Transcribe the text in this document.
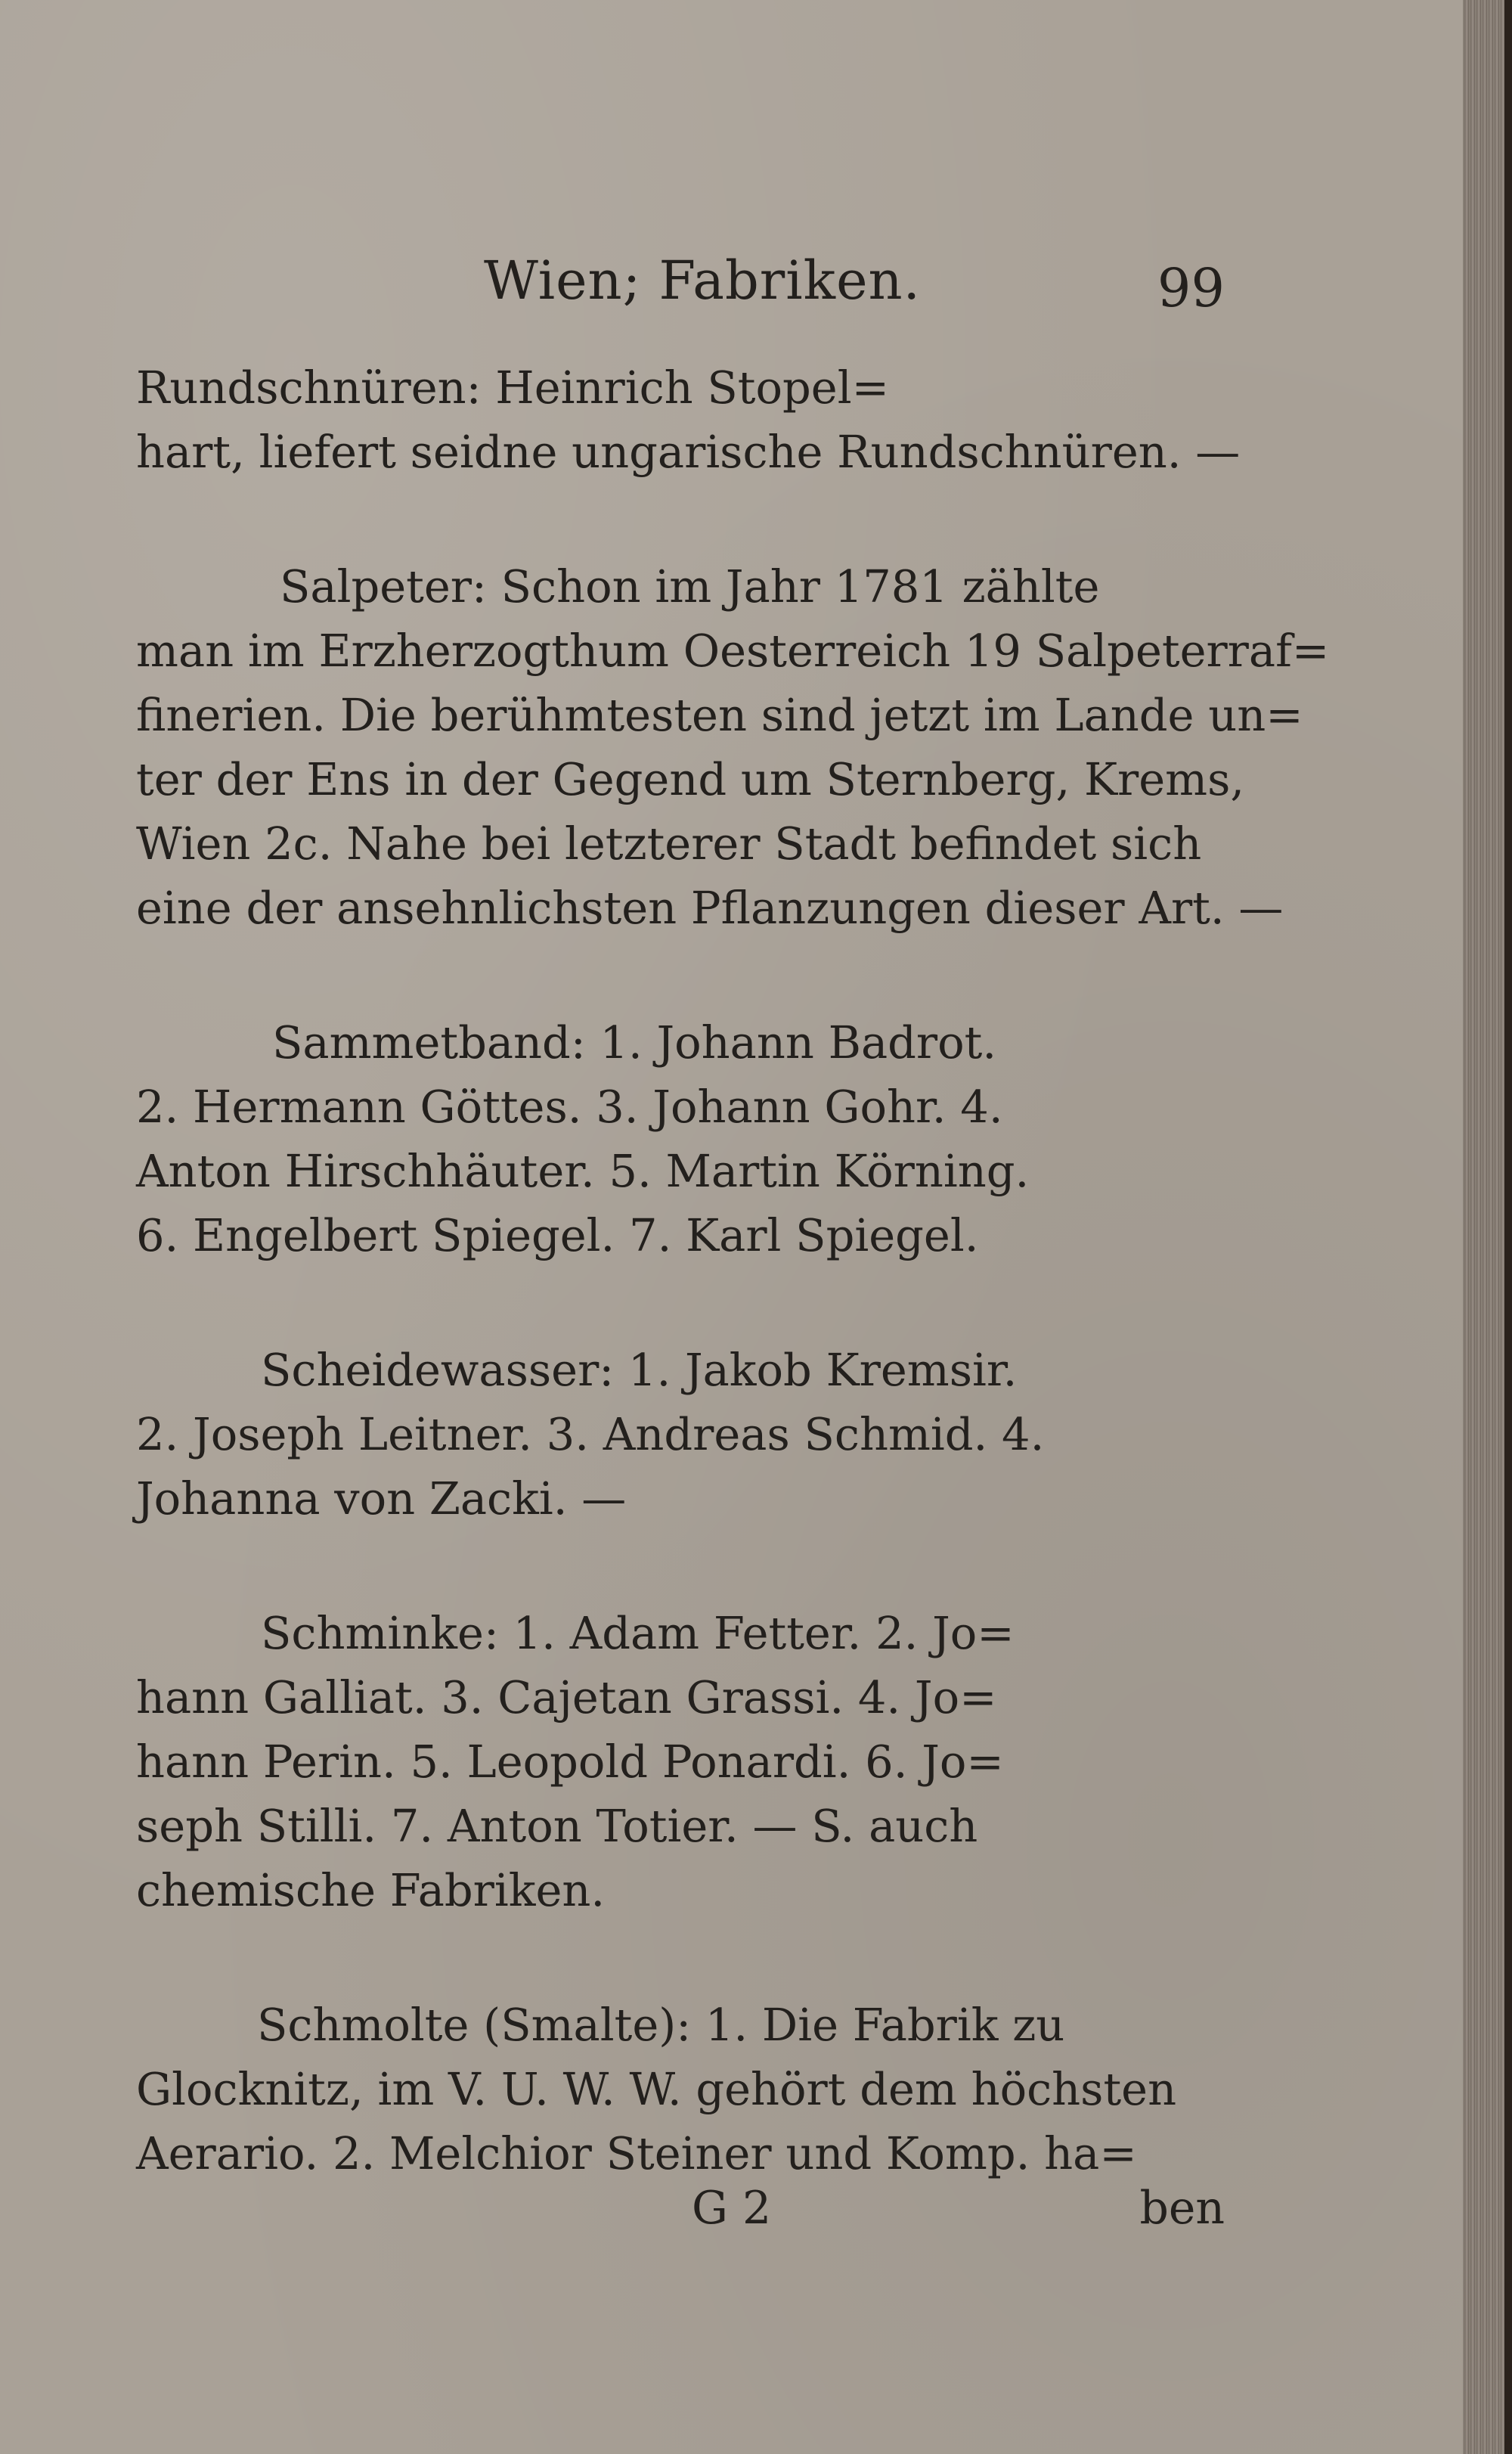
Wien; Fabriken.	99
Rundschnüren: Heinrich Stopel=
hart, liefert seidne ungarische Rundschnüren. —
Salpeter: Schon im Jahr 1781 zählte
man im Erzherzogthum Oesterreich 19 Salpeterraf=
finerien. Die berühmtesten sind jetzt im Lande un=
ter der Ens in der Gegend um Sternberg, Krems,
Wien 2c. Nahe bei letzterer Stadt befindet sich
eine der ansehnlichsten Pflanzungen dieser Art. —
Sammetband: 1. Johann Badrot.
2. Hermann Göttes. 3. Johann Gohr. 4.
Anton Hirschhäuter. 5. Martin Körning.
6. Engelbert Spiegel. 7. Karl Spiegel.
Scheidewasser: 1. Jakob Kremsir.
2. Joseph Leitner. 3. Andreas Schmid. 4.
Johanna von Zacki. —
Schminke: 1. Adam Fetter. 2. Jo=
hann Galliat. 3. Cajetan Grassi. 4. Jo=
hann Perin. 5. Leopold Ponardi. 6. Jo=
seph Stilli. 7. Anton Totier. — S. auch
chemische Fabriken.
Schmolte (Smalte): 1. Die Fabrik zu
Glocknitz, im V. U. W. W. gehört dem höchsten
Aerario. 2. Melchior Steiner und Komp. ha=
G 2	ben
